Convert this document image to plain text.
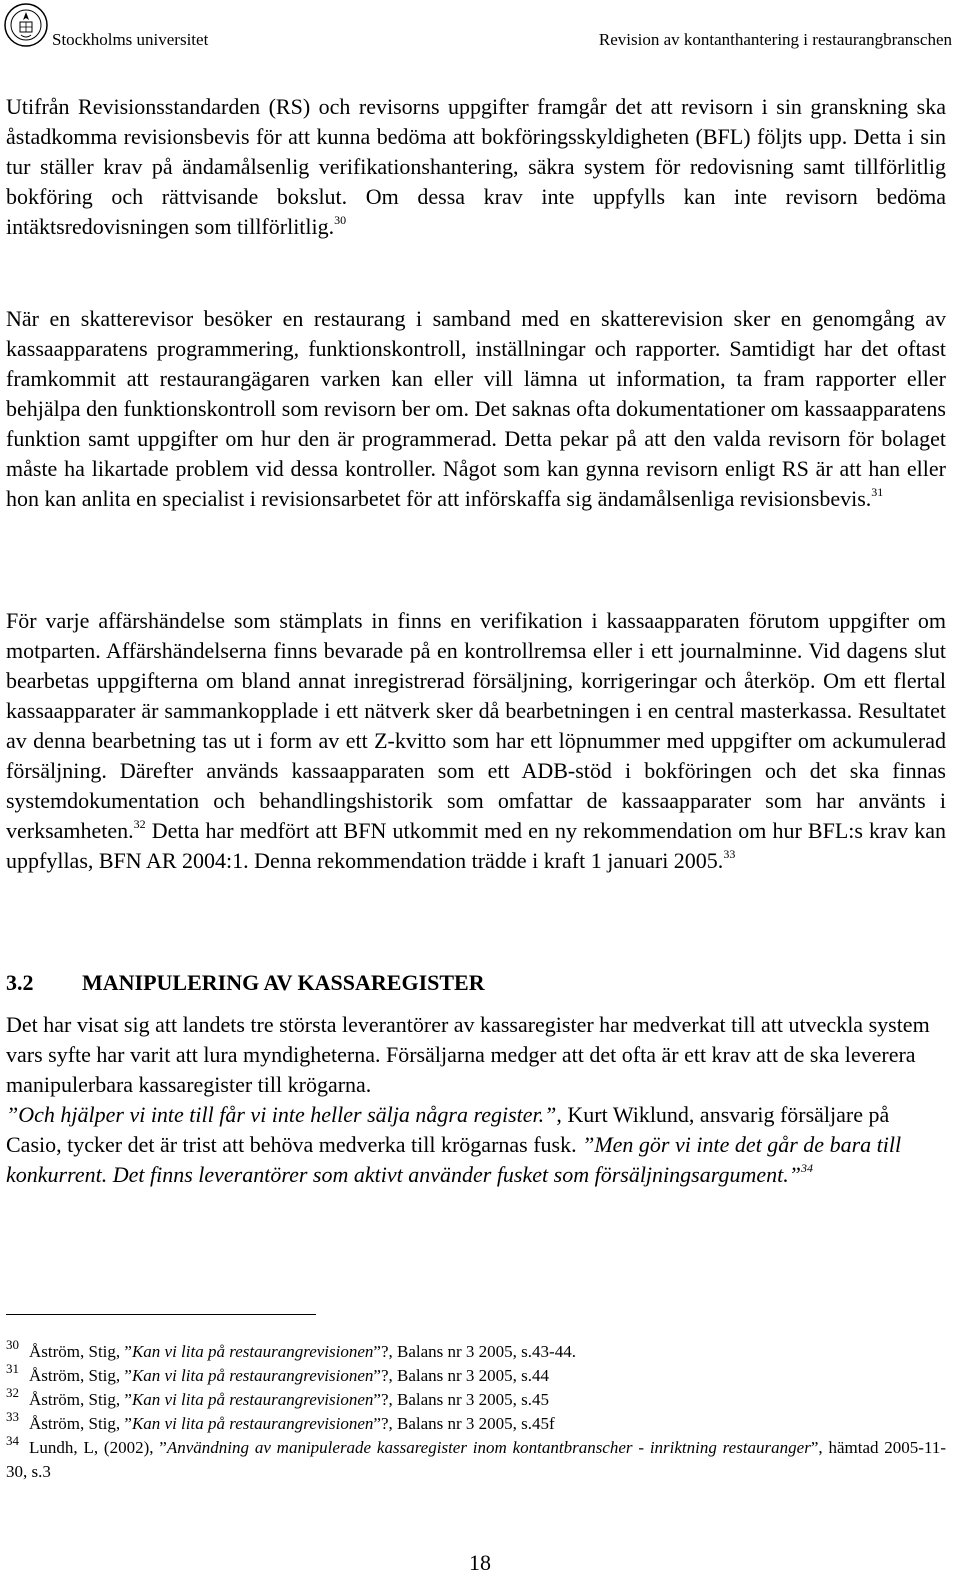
Stockholms universitet	Revision av kontanthantering i restaurangbranschen

Utifrån Revisionsstandarden (RS) och revisorns uppgifter framgår det att revisorn i sin granskning ska åstadkomma revisionsbevis för att kunna bedöma att bokföringsskyldigheten (BFL) följts upp. Detta i sin tur ställer krav på ändamålsenlig verifikationshantering, säkra system för redovisning samt tillförlitlig bokföring och rättvisande bokslut. Om dessa krav inte uppfylls kan inte revisorn bedöma intäktsredovisningen som tillförlitlig.$^{30}$

När en skatterevisor besöker en restaurang i samband med en skatterevision sker en genomgång av kassaapparatens programmering, funktionskontroll, inställningar och rapporter. Samtidigt har det oftast framkommit att restaurangägaren varken kan eller vill lämna ut information, ta fram rapporter eller behjälpa den funktionskontroll som revisorn ber om. Det saknas ofta dokumentationer om kassaapparatens funktion samt uppgifter om hur den är programmerad. Detta pekar på att den valda revisorn för bolaget måste ha likartade problem vid dessa kontroller. Något som kan gynna revisorn enligt RS är att han eller hon kan anlita en specialist i revisionsarbetet för att införskaffa sig ändamålsenliga revisionsbevis.$^{31}$

För varje affärshändelse som stämplats in finns en verifikation i kassaapparaten förutom uppgifter om motparten. Affärshändelserna finns bevarade på en kontrollremsa eller i ett journalminne. Vid dagens slut bearbetas uppgifterna om bland annat inregistrerad försäljning, korrigeringar och återköp. Om ett flertal kassaapparater är sammankopplade i ett nätverk sker då bearbetningen i en central masterkassa. Resultatet av denna bearbetning tas ut i form av ett Z-kvitto som har ett löpnummer med uppgifter om ackumulerad försäljning. Därefter används kassaapparaten som ett ADB-stöd i bokföringen och det ska finnas systemdokumentation och behandlingshistorik som omfattar de kassaapparater som har använts i verksamheten.$^{32}$ Detta har medfört att BFN utkommit med en ny rekommendation om hur BFL:s krav kan uppfyllas, BFN AR 2004:1. Denna rekommendation trädde i kraft 1 januari 2005.33

3.2 MANIPULERING AV KASSAREGISTER

Det har visat sig att landets tre största leverantörer av kassaregister har medverkat till att utveckla system vars syfte har varit att lura myndigheterna. Försäljarna medger att det ofta är ett krav att de ska leverera manipulerbara kassaregister till krögarna.
”Och hjälper vi inte till får vi inte heller sälja några register.”, Kurt Wiklund, ansvarig försäljare på Casio, tycker det är trist att behöva medverka till krögarnas fusk. ”Men gör vi inte det går de bara till konkurrent. Det finns leverantörer som aktivt använder fusket som försäljningsargument.”$^{34}$

$^{30}$ Åström, Stig, ”Kan vi lita på restaurangrevisionen”?, Balans nr 3 2005, s.43-44.

$^{31}$ Åström, Stig, ”Kan vi lita på restaurangrevisionen”?, Balans nr 3 2005, s.44

$^{32}$ Åström, Stig, ”Kan vi lita på restaurangrevisionen”?, Balans nr 3 2005, s.45

$^{33}$ Åström, Stig, ”Kan vi lita på restaurangrevisionen”?, Balans nr 3 2005, s.45f

$^{34}$ Lundh, L, (2002), ”Användning av manipulerade kassaregister inom kontantbranscher - inriktning restauranger”, hämtad 2005-11-30, s.3

18
